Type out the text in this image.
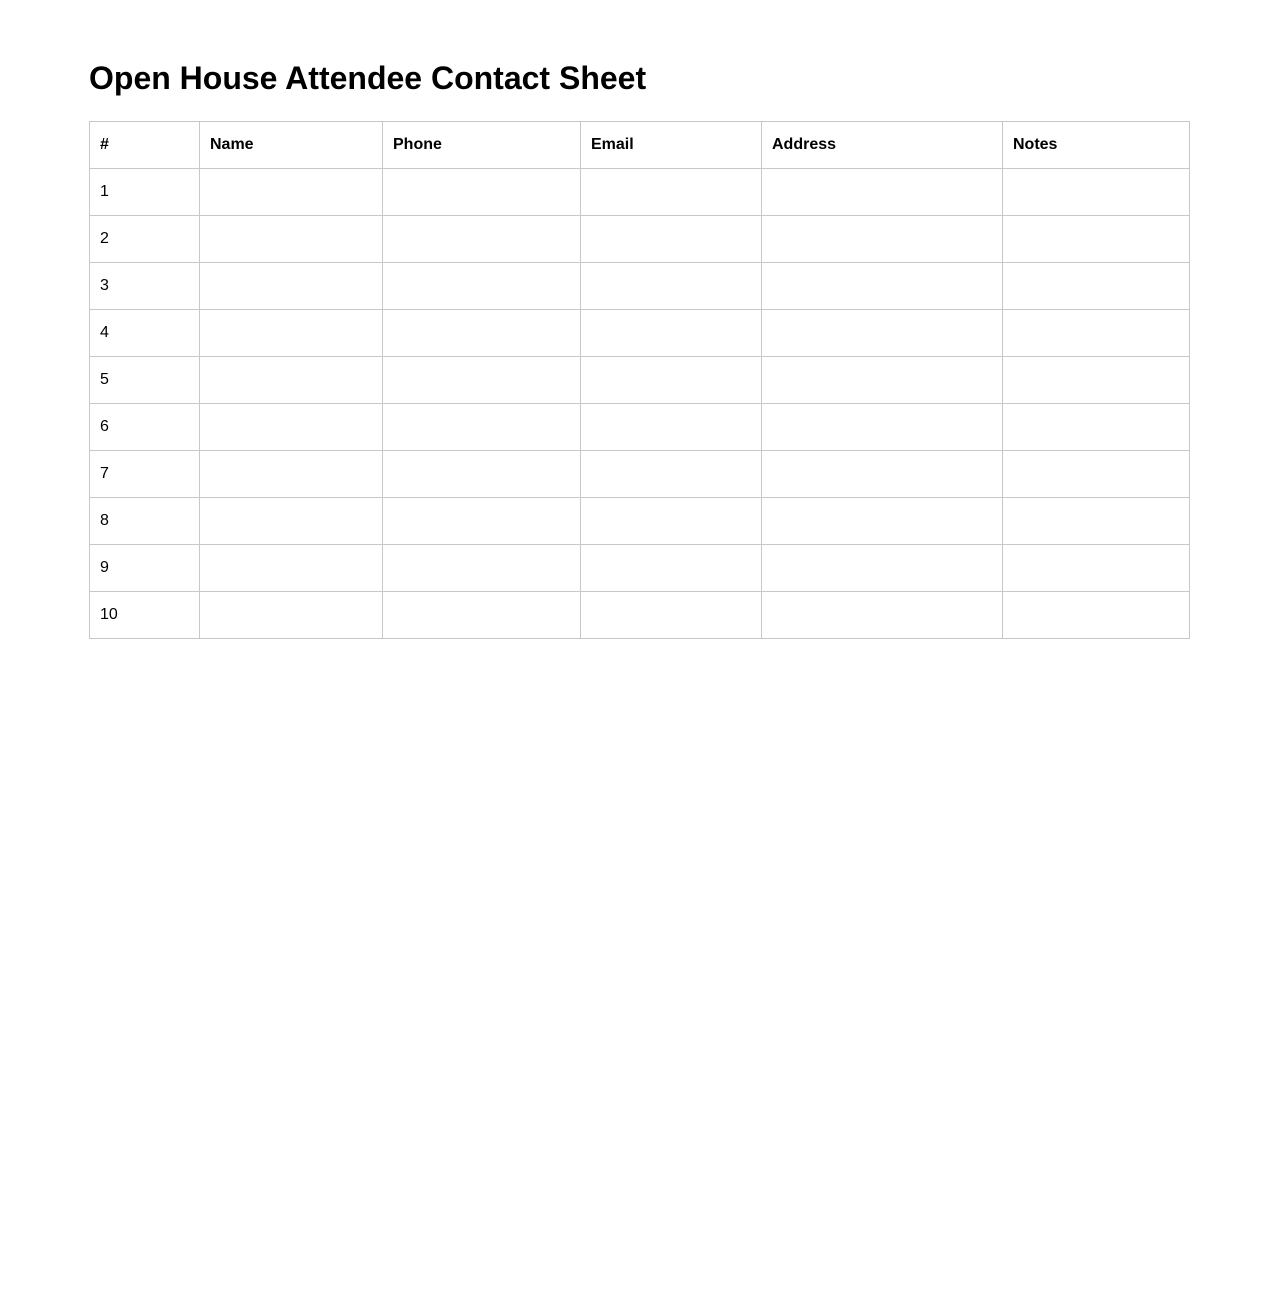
Open House Attendee Contact Sheet
#	Name	Phone	Email	Address	Notes
1					
2					
3					
4					
5					
6					
7					
8					
9					
10					
